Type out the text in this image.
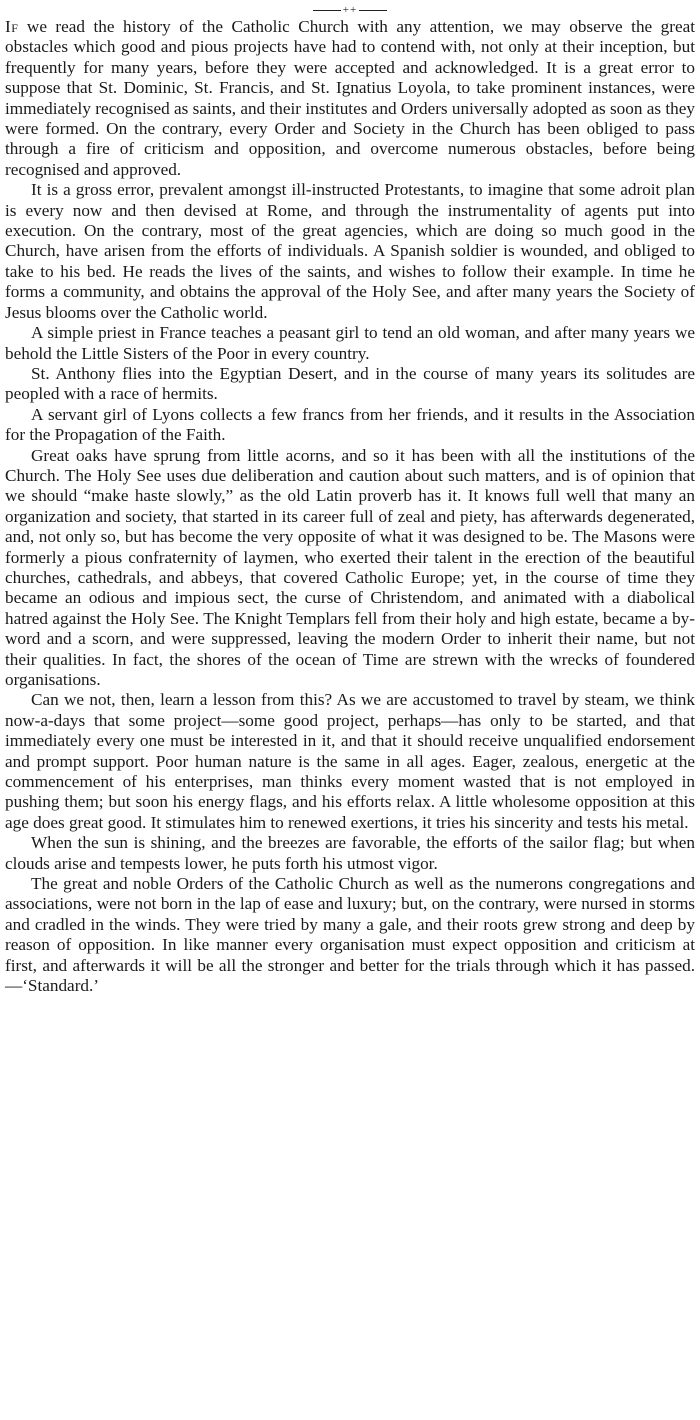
++

If we read the history of the Catholic Church with any attention, we may observe the great obstacles which good and pious projects have had to contend with, not only at their inception, but frequently for many years, before they were accepted and acknowledged. It is a great error to suppose that St. Dominic, St. Francis, and St. Ignatius Loyola, to take prominent instances, were immediately recognised as saints, and their institutes and Orders universally adopted as soon as they were formed. On the contrary, every Order and Society in the Church has been obliged to pass through a fire of criticism and opposition, and overcome numerous obstacles, before being recognised and approved.

It is a gross error, prevalent amongst ill-instructed Protestants, to imagine that some adroit plan is every now and then devised at Rome, and through the instrumentality of agents put into execution. On the contrary, most of the great agencies, which are doing so much good in the Church, have arisen from the efforts of individuals. A Spanish soldier is wounded, and obliged to take to his bed. He reads the lives of the saints, and wishes to follow their example. In time he forms a community, and obtains the approval of the Holy See, and after many years the Society of Jesus blooms over the Catholic world.

A simple priest in France teaches a peasant girl to tend an old woman, and after many years we behold the Little Sisters of the Poor in every country.

St. Anthony flies into the Egyptian Desert, and in the course of many years its solitudes are peopled with a race of hermits.

A servant girl of Lyons collects a few francs from her friends, and it results in the Association for the Propagation of the Faith.

Great oaks have sprung from little acorns, and so it has been with all the institutions of the Church. The Holy See uses due deliberation and caution about such matters, and is of opinion that we should “make haste slowly,” as the old Latin proverb has it. It knows full well that many an organization and society, that started in its career full of zeal and piety, has afterwards degenerated, and, not only so, but has become the very opposite of what it was designed to be. The Masons were formerly a pious confraternity of laymen, who exerted their talent in the erection of the beautiful churches, cathedrals, and abbeys, that covered Catholic Europe; yet, in the course of time they became an odious and impious sect, the curse of Christendom, and animated with a diabolical hatred against the Holy See. The Knight Templars fell from their holy and high estate, became a by-word and a scorn, and were suppressed, leaving the modern Order to inherit their name, but not their qualities. In fact, the shores of the ocean of Time are strewn with the wrecks of foundered organisations.

Can we not, then, learn a lesson from this? As we are accustomed to travel by steam, we think now-a-days that some project—some good project, perhaps—has only to be started, and that immediately every one must be interested in it, and that it should receive unqualified endorsement and prompt support. Poor human nature is the same in all ages. Eager, zealous, energetic at the commencement of his enterprises, man thinks every moment wasted that is not employed in pushing them; but soon his energy flags, and his efforts relax. A little wholesome opposition at this age does great good. It stimulates him to renewed exertions, it tries his sincerity and tests his metal.

When the sun is shining, and the breezes are favorable, the efforts of the sailor flag; but when clouds arise and tempests lower, he puts forth his utmost vigor.

The great and noble Orders of the Catholic Church as well as the numerons congregations and associations, were not born in the lap of ease and luxury; but, on the contrary, were nursed in storms and cradled in the winds. They were tried by many a gale, and their roots grew strong and deep by reason of opposition. In like manner every organisation must expect opposition and criticism at first, and afterwards it will be all the stronger and better for the trials through which it has passed.—‘Standard.’
